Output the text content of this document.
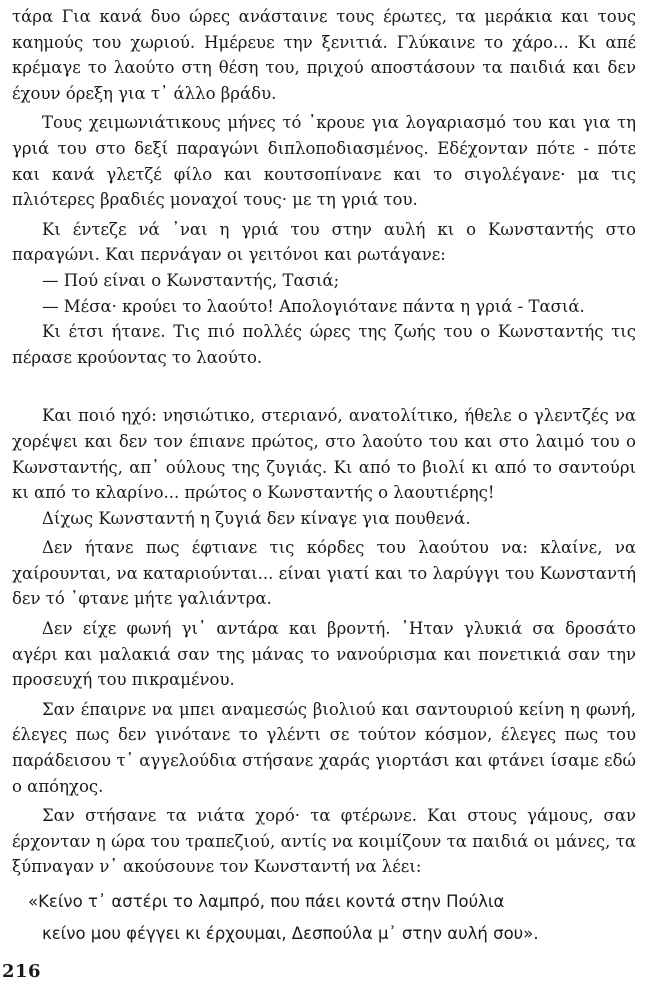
τάρα Για κανά δυο ώρες ανάσταινε τους έρωτες, τα μεράκια και τους καημούς του χωριού. Ημέρευε την ξενιτιά. Γλύκαινε το χάρο... Κι απέ κρέμαγε το λαούτο στη θέση του, πριχού αποστάσουν τα παιδιά και δεν έχουν όρεξη για τ᾽ άλλο βράδυ.

Τους χειμωνιάτικους μήνες τό ᾽κρουε για λογαριασμό του και για τη γριά του στο δεξί παραγώνι διπλοποδιασμένος. Εδέχονταν πότε - πότε και κανά γλετζέ φίλο και κουτσοπίνανε και το σιγολέγανε· μα τις πλιότερες βραδιές μοναχοί τους· με τη γριά του.

Κι έντεζε νά ᾽ναι η γριά του στην αυλή κι ο Κωνσταντής στο παραγώνι. Και περνάγαν οι γειτόνοι και ρωτάγανε:

— Πού είναι ο Κωνσταντής, Τασιά;

— Μέσα· κρούει το λαούτο! Απολογιότανε πάντα η γριά - Τασιά.

Κι έτσι ήτανε. Τις πιό πολλές ώρες της ζωής του ο Κωνσταντής τις πέρασε κρούοντας το λαούτο.

Και ποιό ηχό: νησιώτικο, στεριανό, ανατολίτικο, ήθελε ο γλεντζές να χορέψει και δεν τον έπιανε πρώτος, στο λαούτο του και στο λαιμό του ο Κωνσταντής, απ᾽ ούλους της ζυγιάς. Κι από το βιολί κι από το σαντούρι κι από το κλαρίνο... πρώτος ο Κωνσταντής ο λαουτιέρης!

Δίχως Κωνσταντή η ζυγιά δεν κίναγε για πουθενά.

Δεν ήτανε πως έφτιανε τις κόρδες του λαούτου να: κλαίνε, να χαίρουνται, να καταριούνται... είναι γιατί και το λαρύγγι του Κωνσταντή δεν τό ᾽φτανε μήτε γαλιάντρα.

Δεν είχε φωνή γι᾽ αντάρα και βροντή. ᾽Ηταν γλυκιά σα δροσάτο αγέρι και μαλακιά σαν της μάνας το νανούρισμα και πονετικιά σαν την προσευχή του πικραμένου.

Σαν έπαιρνε να μπει αναμεσώς βιολιού και σαντουριού κείνη η φωνή, έλεγες πως δεν γινότανε το γλέντι σε τούτον κόσμον, έλεγες πως του παράδεισου τ᾽ αγγελούδια στήσανε χαράς γιορτάσι και φτάνει ίσαμε εδώ ο απόηχος.

Σαν στήσανε τα νιάτα χορό· τα φτέρωνε. Και στους γάμους, σαν έρχονταν η ώρα του τραπεζιού, αντίς να κοιμίζουν τα παιδιά οι μάνες, τα ξύπναγαν ν᾽ ακούσουνε τον Κωνσταντή να λέει:

«Κείνο τ᾽ αστέρι το λαμπρό, που πάει κοντά στην Πούλια
κείνο μου φέγγει κι έρχουμαι, Δεσπούλα μ᾽ στην αυλή σου».
216
